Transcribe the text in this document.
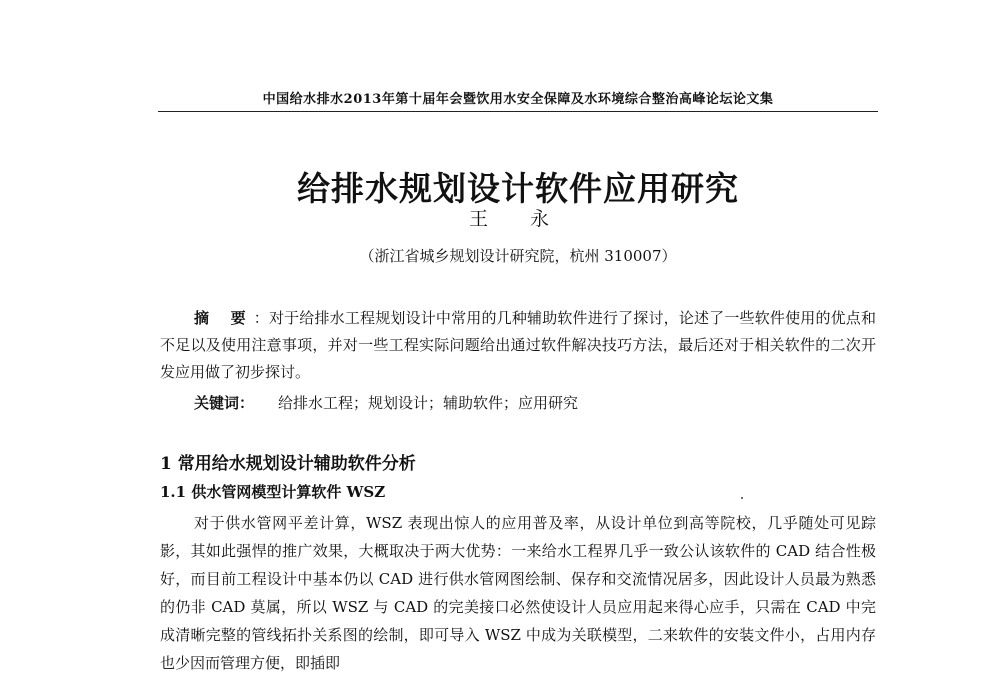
中国给水排水2013年第十届年会暨饮用水安全保障及水环境综合整治高峰论坛论文集
给排水规划设计软件应用研究
王 永
（浙江省城乡规划设计研究院，杭州 310007）

摘 要：对于给排水工程规划设计中常用的几种辅助软件进行了探讨，论述了一些软件使用的优点和不足以及使用注意事项，并对一些工程实际问题给出通过软件解决技巧方法，最后还对于相关软件的二次开发应用做了初步探讨。

关键词： 给排水工程；规划设计；辅助软件；应用研究

1 常用给水规划设计辅助软件分析
1.1 供水管网模型计算软件 WSZ

对于供水管网平差计算，WSZ 表现出惊人的应用普及率，从设计单位到高等院校，几乎随处可见踪影，其如此强悍的推广效果，大概取决于两大优势：一来给水工程界几乎一致公认该软件的 CAD 结合性极好，而目前工程设计中基本仍以 CAD 进行供水管网图绘制、保存和交流情况居多，因此设计人员最为熟悉的仍非 CAD 莫属，所以 WSZ 与 CAD 的完美接口必然使设计人员应用起来得心应手，只需在 CAD 中完成清晰完整的管线拓扑关系图的绘制，即可导入 WSZ 中成为关联模型，二来软件的安装文件小，占用内存也少因而管理方便，即插即
